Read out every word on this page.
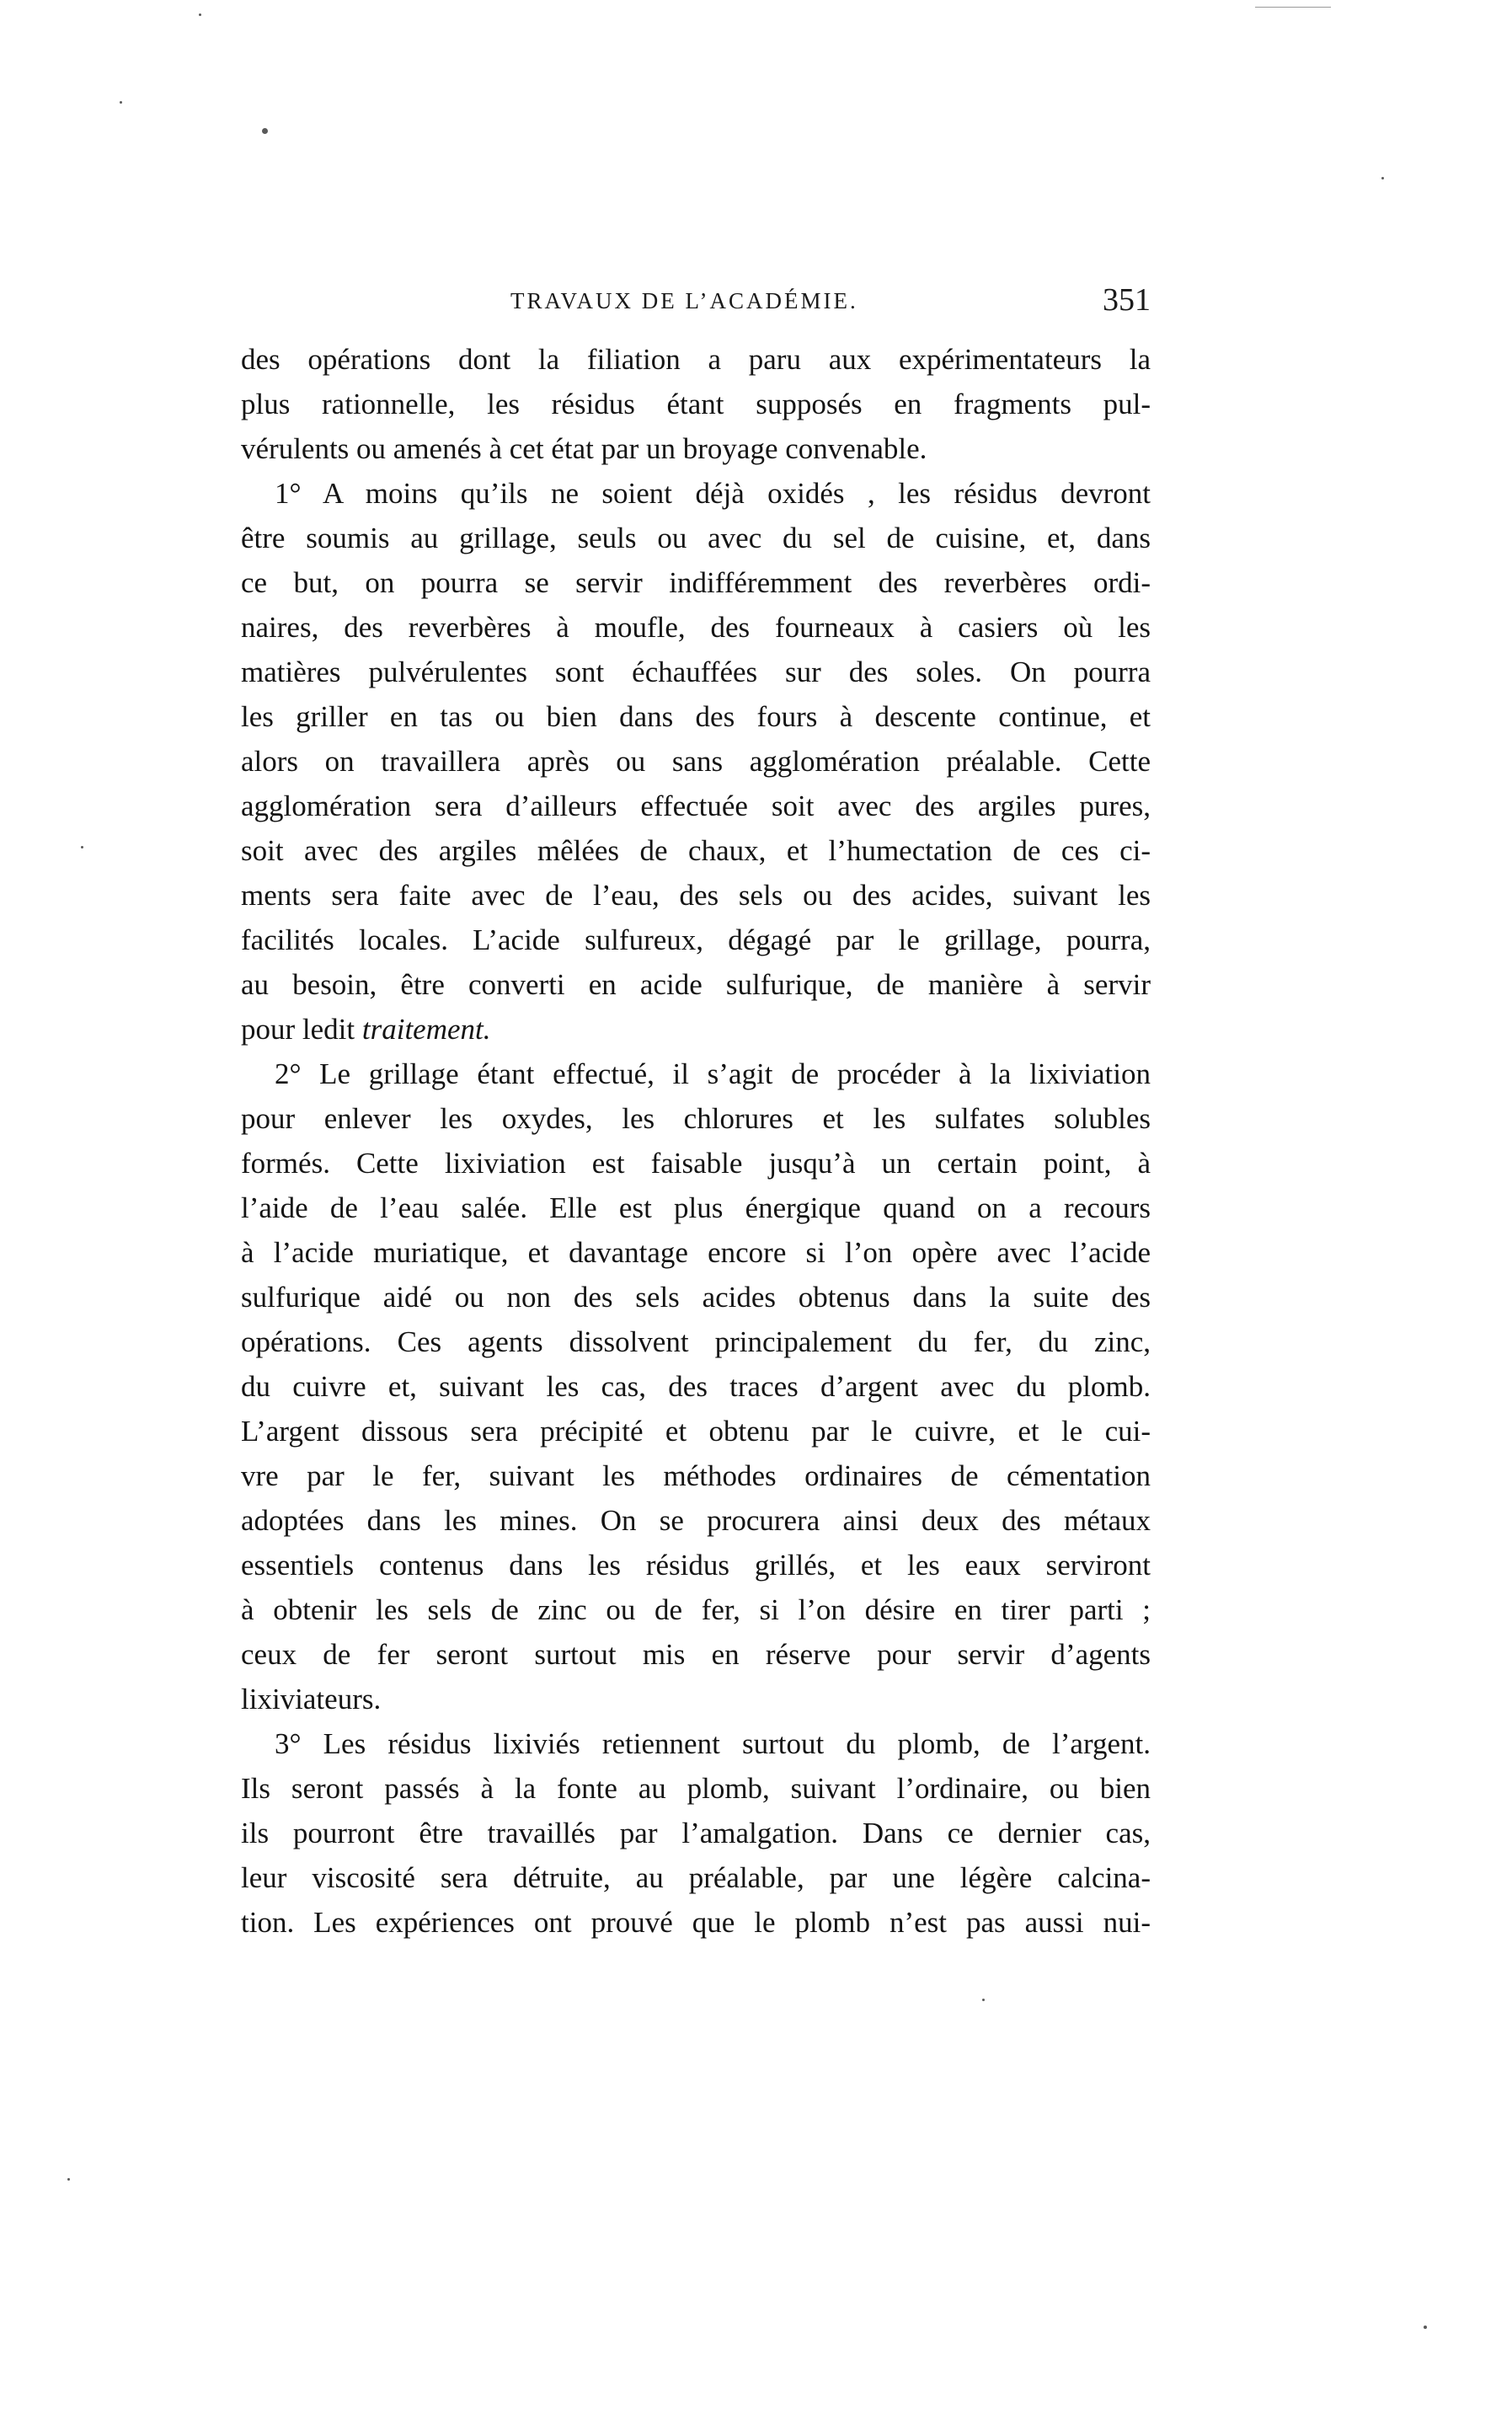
TRAVAUX DE L’ACADÉMIE.	351
des opérations dont la filiation a paru aux expérimentateurs la
plus rationnelle, les résidus étant supposés en fragments pul-
vérulents ou amenés à cet état par un broyage convenable.
1° A moins qu’ils ne soient déjà oxidés , les résidus devront
être soumis au grillage, seuls ou avec du sel de cuisine, et, dans
ce but, on pourra se servir indifféremment des reverbères ordi-
naires, des reverbères à moufle, des fourneaux à casiers où les
matières pulvérulentes sont échauffées sur des soles. On pourra
les griller en tas ou bien dans des fours à descente continue, et
alors on travaillera après ou sans agglomération préalable. Cette
agglomération sera d’ailleurs effectuée soit avec des argiles pures,
soit avec des argiles mêlées de chaux, et l’humectation de ces ci-
ments sera faite avec de l’eau, des sels ou des acides, suivant les
facilités locales. L’acide sulfureux, dégagé par le grillage, pourra,
au besoin, être converti en acide sulfurique, de manière à servir
pour ledit traitement.
2° Le grillage étant effectué, il s’agit de procéder à la lixiviation
pour enlever les oxydes, les chlorures et les sulfates solubles
formés. Cette lixiviation est faisable jusqu’à un certain point, à
l’aide de l’eau salée. Elle est plus énergique quand on a recours
à l’acide muriatique, et davantage encore si l’on opère avec l’acide
sulfurique aidé ou non des sels acides obtenus dans la suite des
opérations. Ces agents dissolvent principalement du fer, du zinc,
du cuivre et, suivant les cas, des traces d’argent avec du plomb.
L’argent dissous sera précipité et obtenu par le cuivre, et le cui-
vre par le fer, suivant les méthodes ordinaires de cémentation
adoptées dans les mines. On se procurera ainsi deux des métaux
essentiels contenus dans les résidus grillés, et les eaux serviront
à obtenir les sels de zinc ou de fer, si l’on désire en tirer parti ;
ceux de fer seront surtout mis en réserve pour servir d’agents
lixiviateurs.
3° Les résidus lixiviés retiennent surtout du plomb, de l’argent.
Ils seront passés à la fonte au plomb, suivant l’ordinaire, ou bien
ils pourront être travaillés par l’amalgation. Dans ce dernier cas,
leur viscosité sera détruite, au préalable, par une légère calcina-
tion. Les expériences ont prouvé que le plomb n’est pas aussi nui-
